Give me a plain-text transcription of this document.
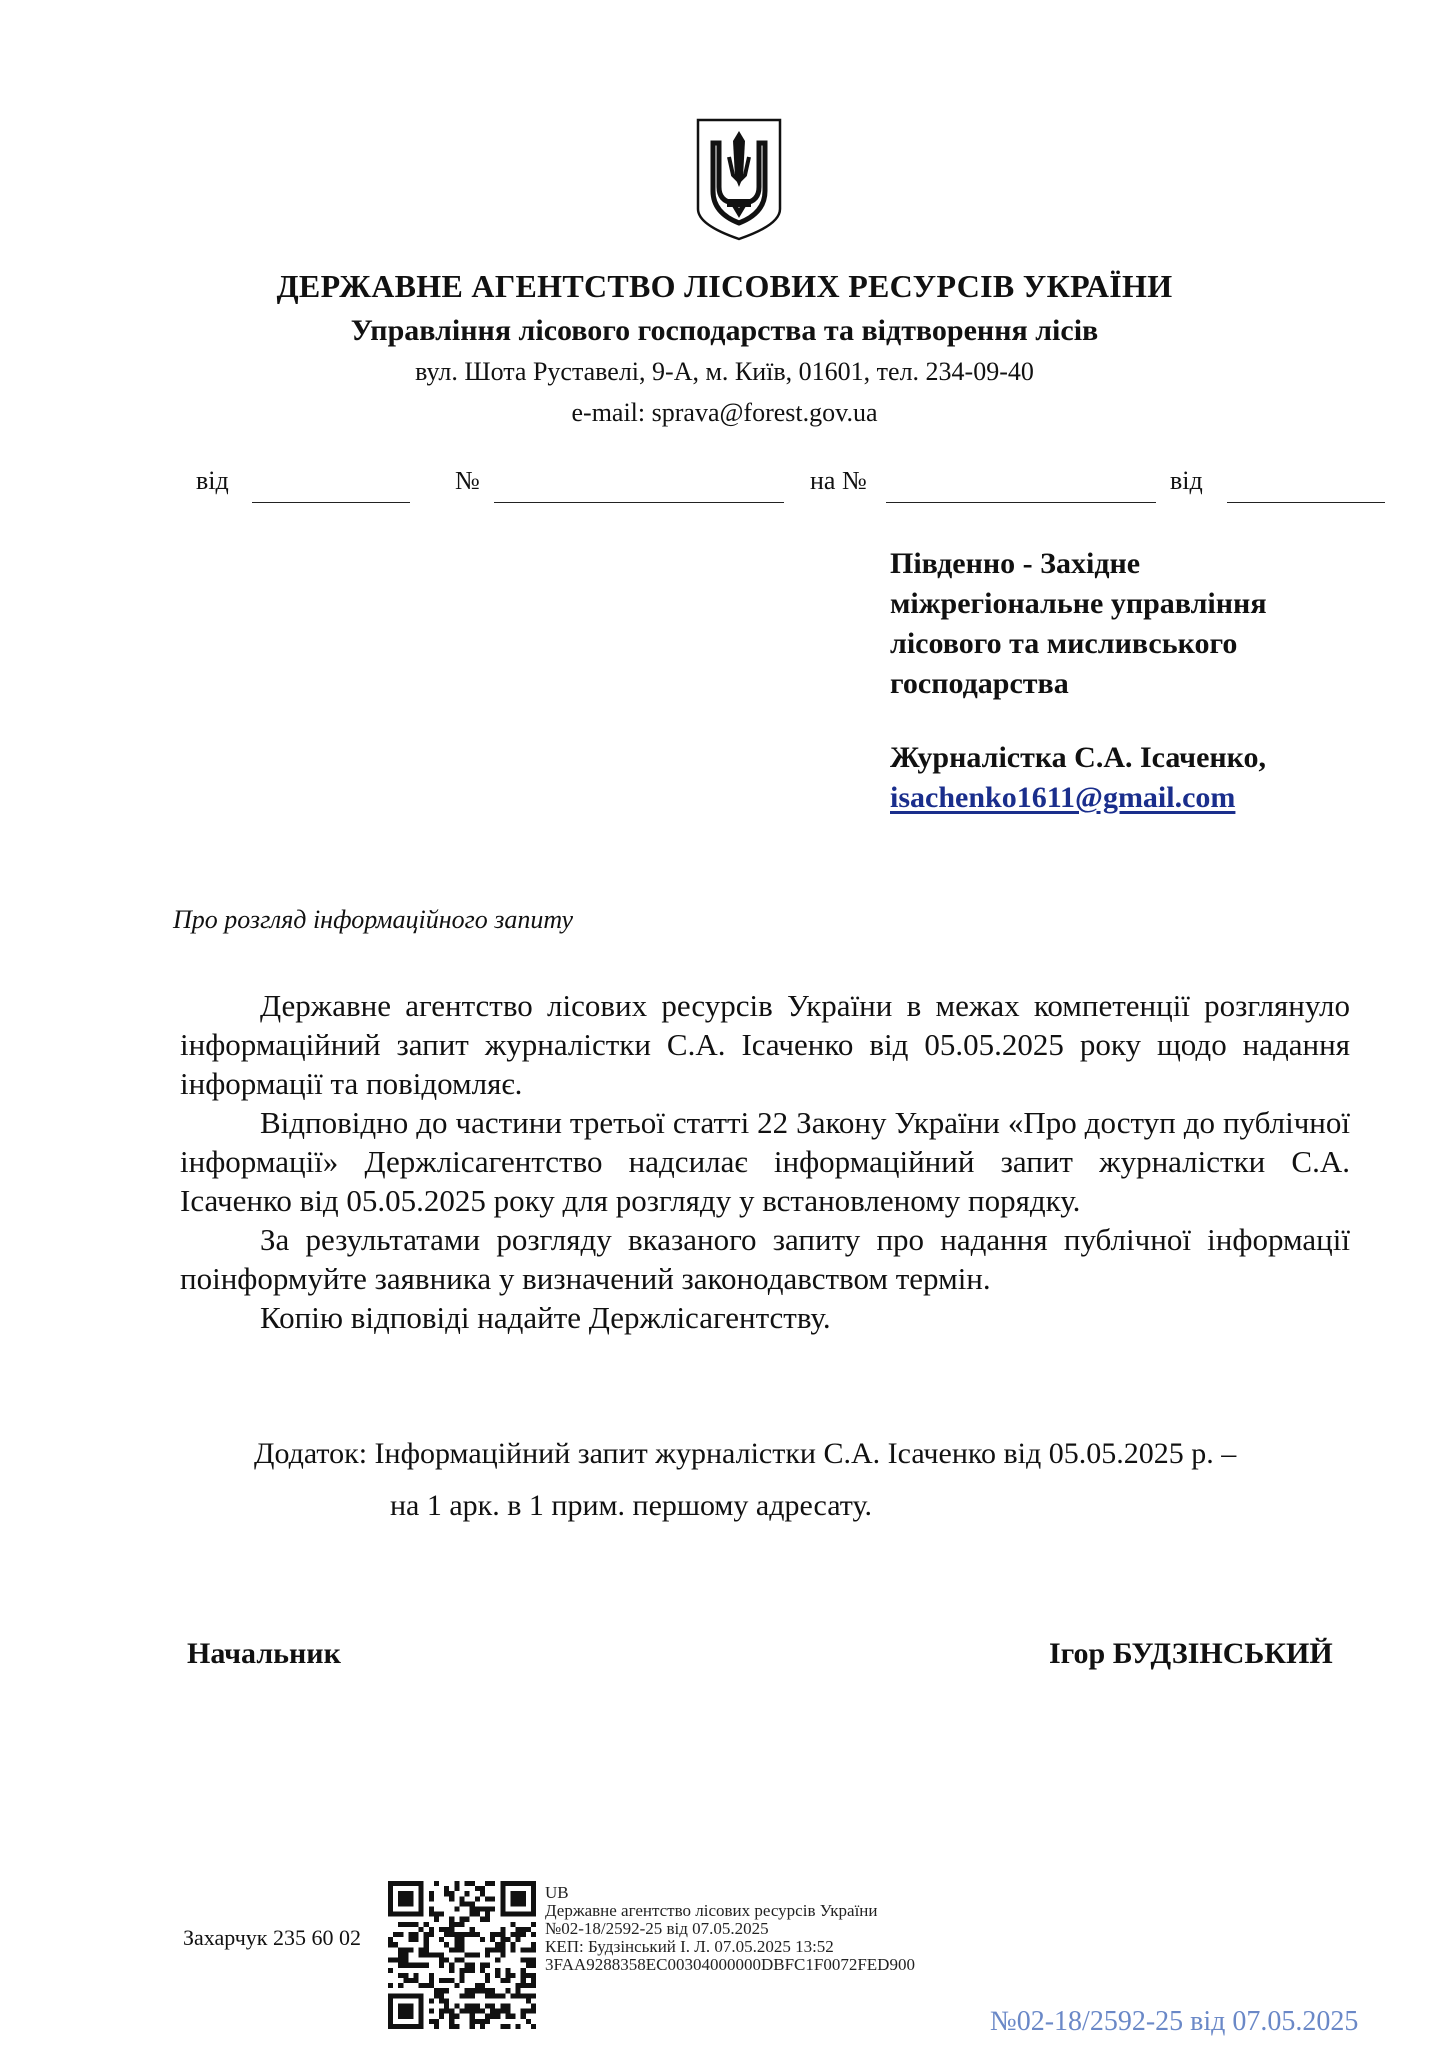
ДЕРЖАВНЕ АГЕНТСТВО ЛІСОВИХ РЕСУРСІВ УКРАЇНИ
Управління лісового господарства та відтворення лісів
вул. Шота Руставелі, 9-А, м. Київ, 01601, тел. 234-09-40
e-mail: sprava@forest.gov.ua
від	№	на №	від
Південно - Західне
міжрегіональне управління
лісового та мисливського
господарства
Журналістка С.А. Ісаченко,
isachenko1611@gmail.com
Про розгляд інформаційного запиту

Державне агентство лісових ресурсів України в межах компетенції розглянуло інформаційний запит журналістки С.А. Ісаченко від 05.05.2025 року щодо надання інформації та повідомляє.

Відповідно до частини третьої статті 22 Закону України «Про доступ до публічної інформації» Держлісагентство надсилає інформаційний запит журналістки С.А. Ісаченко від 05.05.2025 року для розгляду у встановленому порядку.

За результатами розгляду вказаного запиту про надання публічної інформації поінформуйте заявника у визначений законодавством термін.

Копію відповіді надайте Держлісагентству.

Додаток: Інформаційний запит журналістки С.А. Ісаченко від 05.05.2025 р. –
на 1 арк. в 1 прим. першому адресату.
Начальник	Ігор БУДЗІНСЬКИЙ
Захарчук 235 60 02
UB
Державне агентство лісових ресурсів України
№02-18/2592-25 від 07.05.2025
КЕП: Будзінський І. Л. 07.05.2025 13:52
3FAA9288358EC00304000000DBFC1F0072FED900
№02-18/2592-25 від 07.05.2025
